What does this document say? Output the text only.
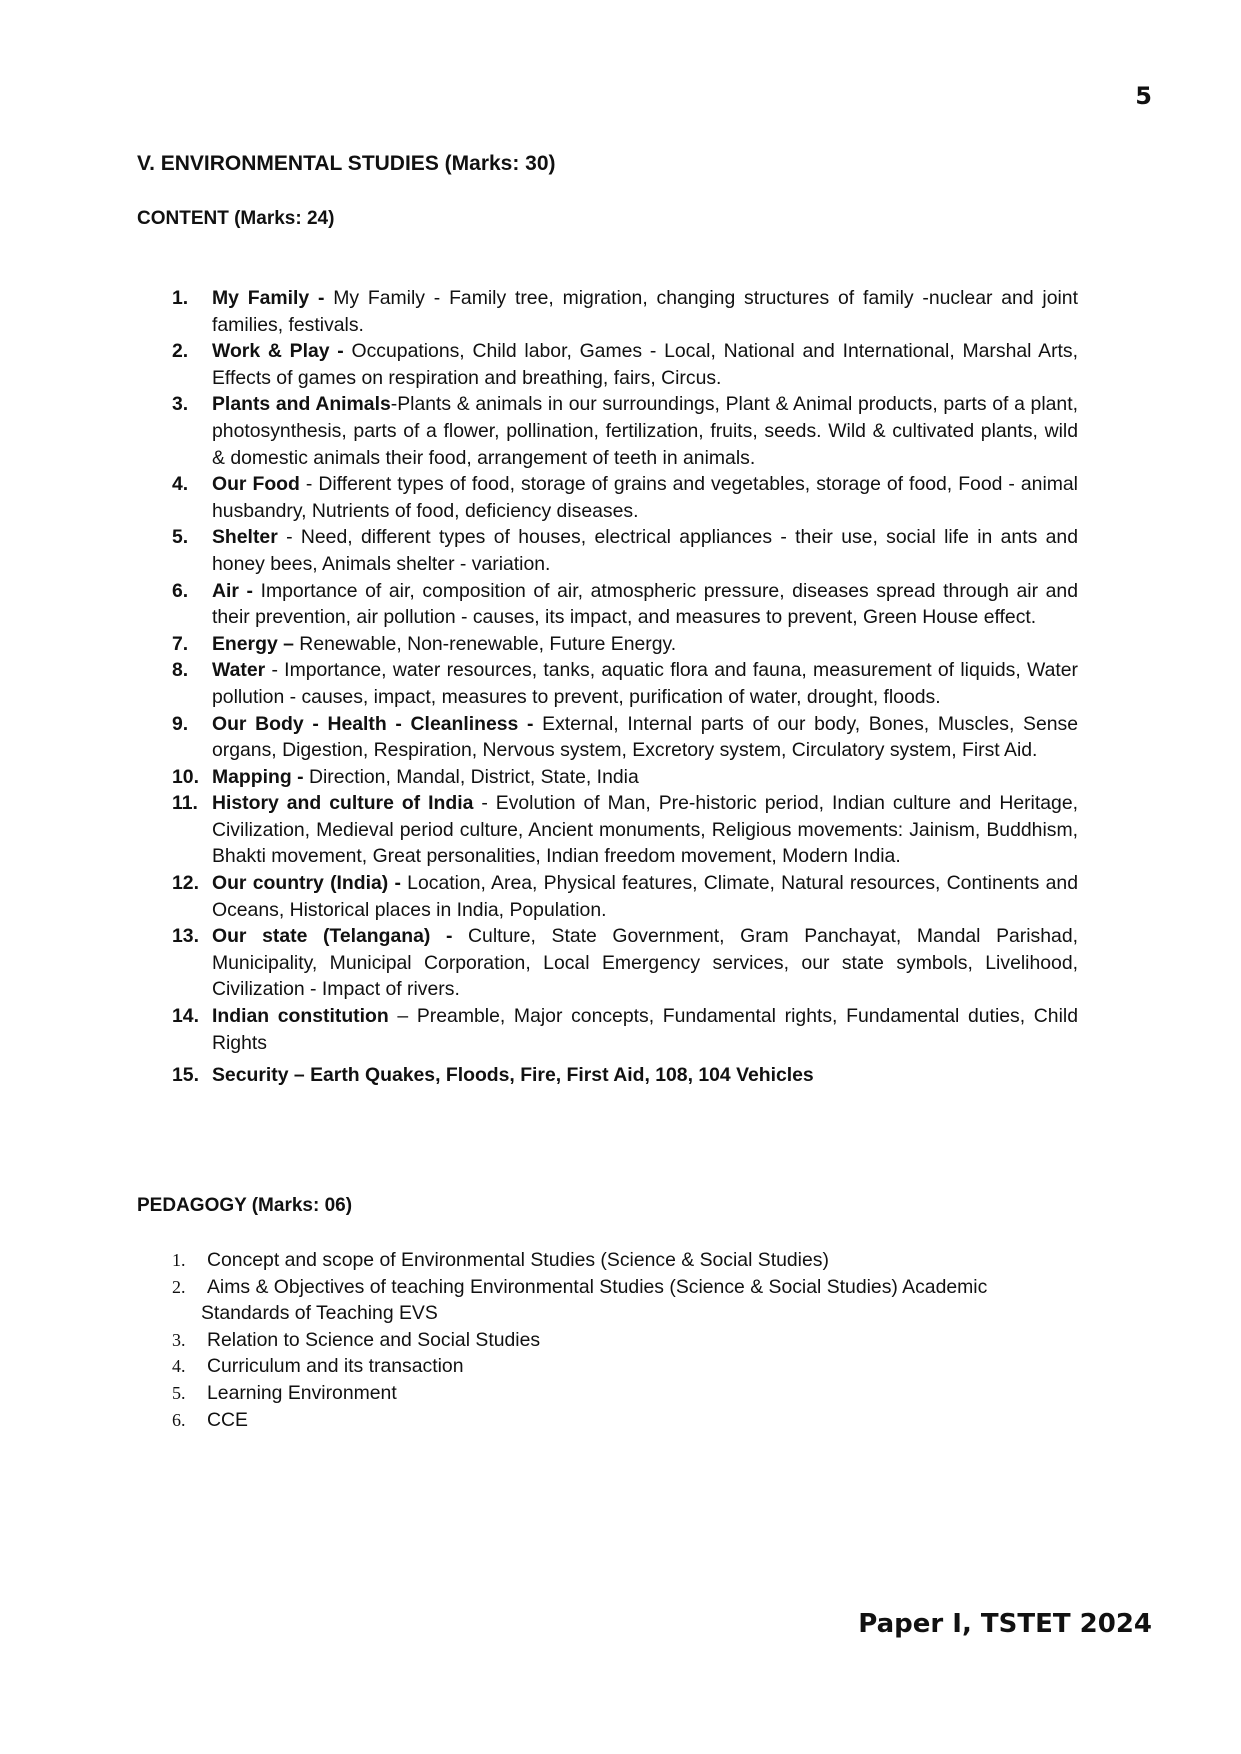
5
V. ENVIRONMENTAL STUDIES (Marks: 30)
CONTENT (Marks: 24)
1.	My Family - My Family - Family tree, migration, changing structures of family -nuclear and joint families, festivals.
2.	Work & Play - Occupations, Child labor, Games - Local, National and International, Marshal Arts, Effects of games on respiration and breathing, fairs, Circus.
3.	Plants and Animals-Plants & animals in our surroundings, Plant & Animal products, parts of a plant, photosynthesis, parts of a flower, pollination, fertilization, fruits, seeds. Wild & cultivated plants, wild & domestic animals their food, arrangement of teeth in animals.
4.	Our Food - Different types of food, storage of grains and vegetables, storage of food, Food - animal husbandry, Nutrients of food, deficiency diseases.
5.	Shelter - Need, different types of houses, electrical appliances - their use, social life in ants and honey bees, Animals shelter - variation.
6.	Air - Importance of air, composition of air, atmospheric pressure, diseases spread through air and their prevention, air pollution - causes, its impact, and measures to prevent, Green House effect.
7.	Energy – Renewable, Non-renewable, Future Energy.
8.	Water - Importance, water resources, tanks, aquatic flora and fauna, measurement of liquids, Water pollution - causes, impact, measures to prevent, purification of water, drought, floods.
9.	Our Body - Health - Cleanliness - External, Internal parts of our body, Bones, Muscles, Sense organs, Digestion, Respiration, Nervous system, Excretory system, Circulatory system, First Aid.
10. Mapping - Direction, Mandal, District, State, India
11. History and culture of India - Evolution of Man, Pre-historic period, Indian culture and Heritage, Civilization, Medieval period culture, Ancient monuments, Religious movements: Jainism, Buddhism, Bhakti movement, Great personalities, Indian freedom movement, Modern India.
12. Our country (India) - Location, Area, Physical features, Climate, Natural resources, Continents and Oceans, Historical places in India, Population.
13. Our state (Telangana) - Culture, State Government, Gram Panchayat, Mandal Parishad, Municipality, Municipal Corporation, Local Emergency services, our state symbols, Livelihood, Civilization - Impact of rivers.
14. Indian constitution – Preamble, Major concepts, Fundamental rights, Fundamental duties, Child Rights
15. Security – Earth Quakes, Floods, Fire, First Aid, 108, 104 Vehicles
PEDAGOGY (Marks: 06)
1.	Concept and scope of Environmental Studies (Science & Social Studies)
2.	Aims & Objectives of teaching Environmental Studies (Science & Social Studies) Academic
Standards of Teaching EVS
3.	Relation to Science and Social Studies
4.	Curriculum and its transaction
5.	Learning Environment
6.	CCE
Paper I, TSTET 2024
